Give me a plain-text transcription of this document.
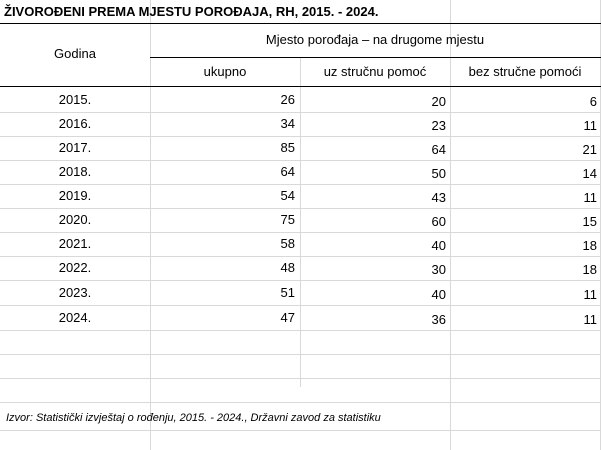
ŽIVOROĐENI PREMA MJESTU POROĐAJA, RH, 2015. - 2024.
Godina
Mjesto porođaja – na drugome mjestu
ukupno	uz stručnu pomoć	bez stručne pomoći
2015.	26	20	6
2016.	34	23	11
2017.	85	64	21
2018.	64	50	14
2019.	54	43	11
2020.	75	60	15
2021.	58	40	18
2022.	48	30	18
2023.	51	40	11
2024.	47	36	11
Izvor: Statistički izvještaj o rođenju, 2015. - 2024., Državni zavod za statistiku
